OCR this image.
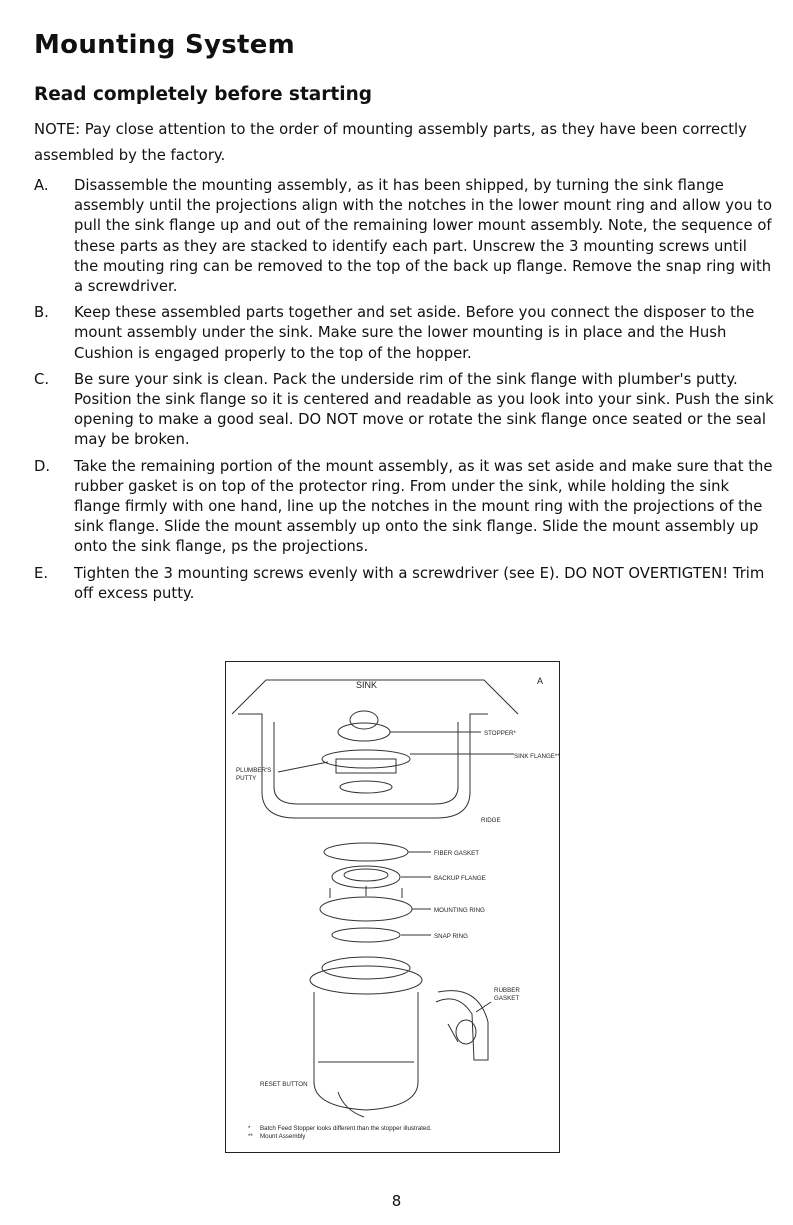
Mounting System
Read completely before starting

NOTE: Pay close attention to the order of mounting assembly parts, as they have been correctly assembled by the factory.

A. Disassemble the mounting assembly, as it has been shipped, by turning the sink flange assembly until the projections align with the notches in the lower mount ring and allow you to pull the sink flange up and out of the remaining lower mount assembly. Note, the sequence of these parts as they are stacked to identify each part. Unscrew the 3 mounting screws until the mouting ring can be removed to the top of the back up flange. Remove the snap ring with a screwdriver.
B. Keep these assembled parts together and set aside. Before you connect the disposer to the mount assembly under the sink. Make sure the lower mounting is in place and the Hush Cushion is engaged properly to the top of the hopper.
C. Be sure your sink is clean. Pack the underside rim of the sink flange with plumber's putty. Position the sink flange so it is centered and readable as you look into your sink. Push the sink opening to make a good seal. DO NOT move or rotate the sink flange once seated or the seal may be broken.
D. Take the remaining portion of the mount assembly, as it was set aside and make sure that the rubber gasket is on top of the protector ring. From under the sink, while holding the sink flange firmly with one hand, line up the notches in the mount ring with the projections of the sink flange. Slide the mount assembly up onto the sink flange. Slide the mount assembly up onto the sink flange, ps the projections.
E. Tighten the 3 mounting screws evenly with a screwdriver (see E). DO NOT OVERTIGTEN! Trim off excess putty.
SINK	A
STOPPER*
SINK FLANGE**
PLUMBER'S
PUTTY
RIDGE
FIBER GASKET
BACKUP FLANGE
MOUNTING RING
SNAP RING
RUBBER
GASKET
RESET BUTTON
* Batch Feed Stopper looks different than the stopper illustrated.
** Mount Assembly

8
